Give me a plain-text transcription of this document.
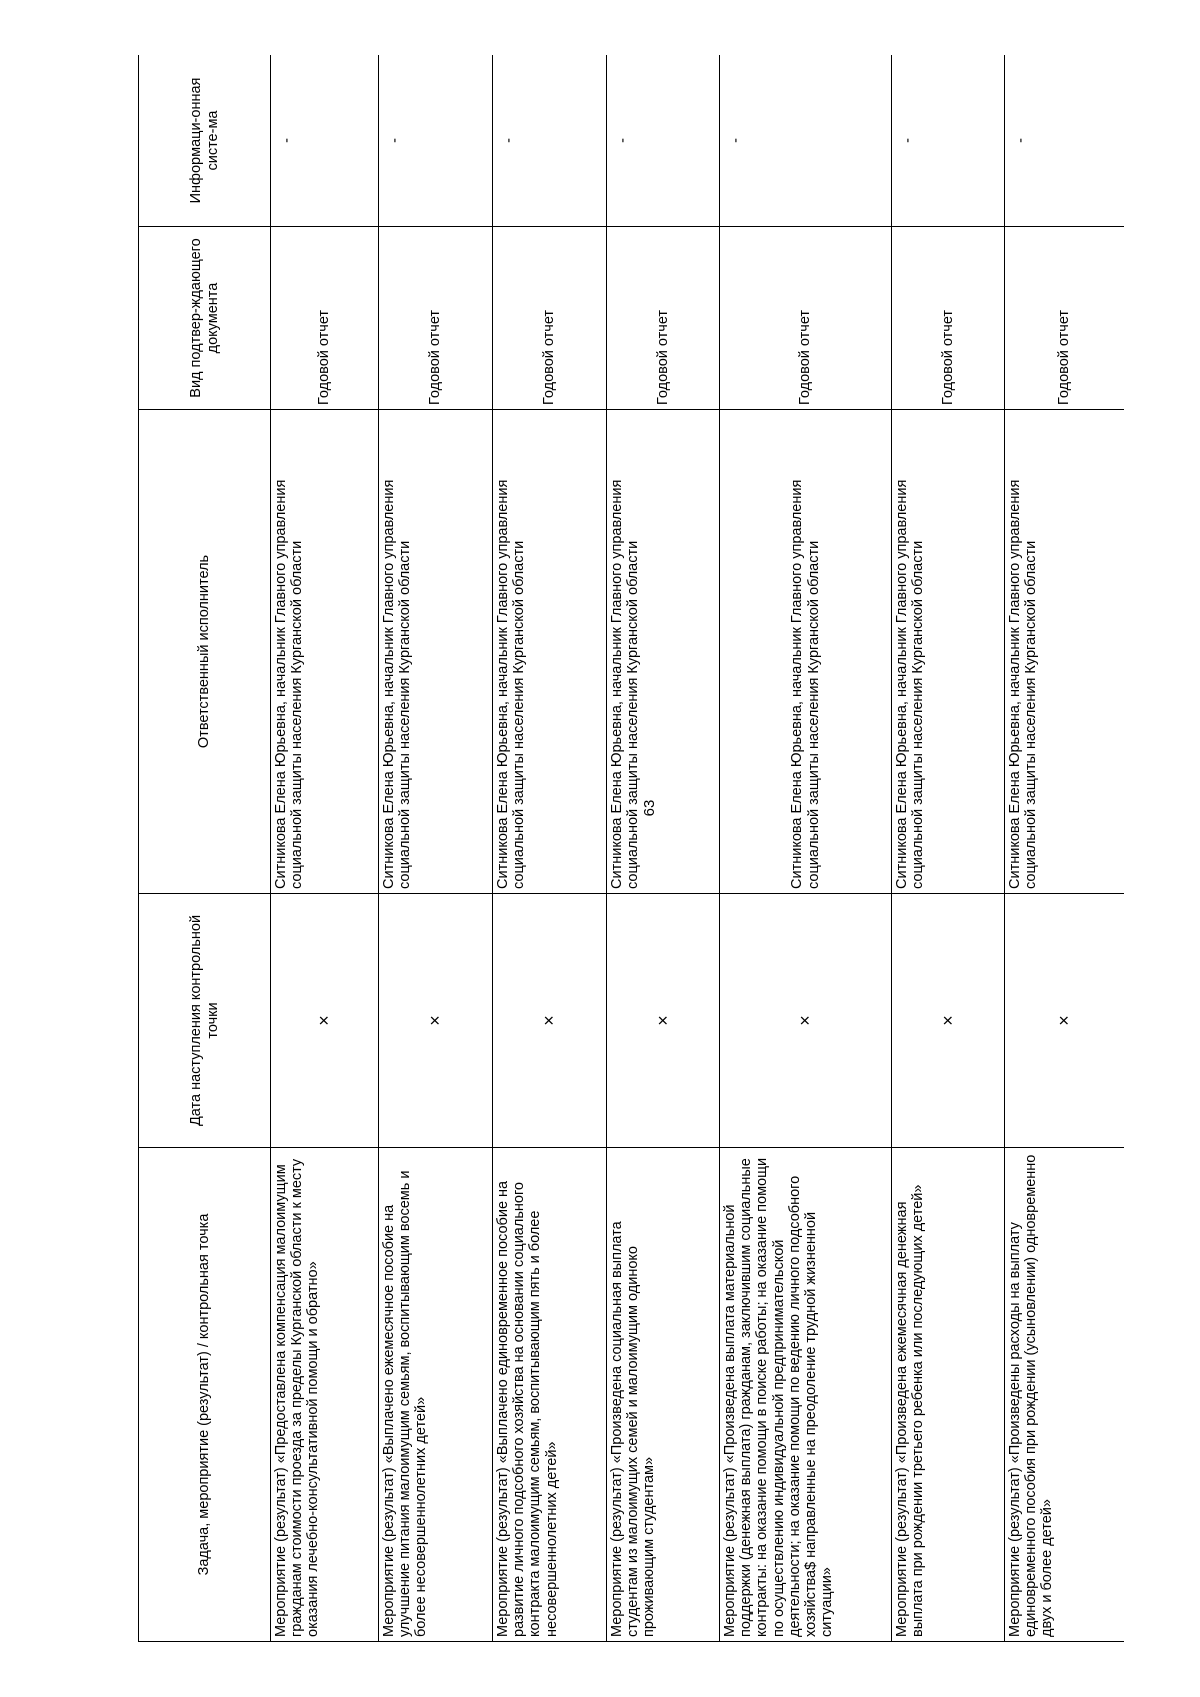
63
Задача, мероприятие (результат) / контрольная точка	Дата наступления контрольной точки	Ответственный исполнитель	Вид подтвер-ждающего документа	Информаци-онная систе-ма
Мероприятие (результат) «Предоставлена компенсация малоимущим гражданам стоимости проезда за пределы Курганской области к месту оказания лечебно-консультативной помощи и обратно»	×	Ситникова Елена Юрьевна, начальник Главного управления социальной защиты населения Курганской области	Годовой отчет	-
Мероприятие (результат) «Выплачено ежемесячное пособие на улучшение питания малоимущим семьям, воспитывающим восемь и более несовершеннолетних детей»	×	Ситникова Елена Юрьевна, начальник Главного управления социальной защиты населения Курганской области	Годовой отчет	-
Мероприятие (результат) «Выплачено единовременное пособие на развитие личного подсобного хозяйства на основании социального контракта малоимущим семьям, воспитывающим пять и более несовершеннолетних детей»	×	Ситникова Елена Юрьевна, начальник Главного управления социальной защиты населения Курганской области	Годовой отчет	-
Мероприятие (результат) «Произведена социальная выплата студентам из малоимущих семей и малоимущим одиноко проживающим студентам»	×	Ситникова Елена Юрьевна, начальник Главного управления социальной защиты населения Курганской области	Годовой отчет	-
Мероприятие (результат) «Произведена выплата материальной поддержки (денежная выплата) гражданам, заключившим социальные контракты: на оказание помощи в поиске работы; на оказание помощи по осуществлению индивидуальной предпринимательской деятельности; на оказание помощи по ведению личного подсобного хозяйства$ направленные на преодоление трудной жизненной ситуации»	×	Ситникова Елена Юрьевна, начальник Главного управления социальной защиты населения Курганской области	Годовой отчет	-
Мероприятие (результат) «Произведена ежемесячная денежная выплата при рождении третьего ребенка или последующих детей»	×	Ситникова Елена Юрьевна, начальник Главного управления социальной защиты населения Курганской области	Годовой отчет	-
Мероприятие (результат) «Произведены расходы на выплату единовременного пособия при рождении (усыновлении) одновременно двух и более детей»	×	Ситникова Елена Юрьевна, начальник Главного управления социальной защиты населения Курганской области	Годовой отчет	-
